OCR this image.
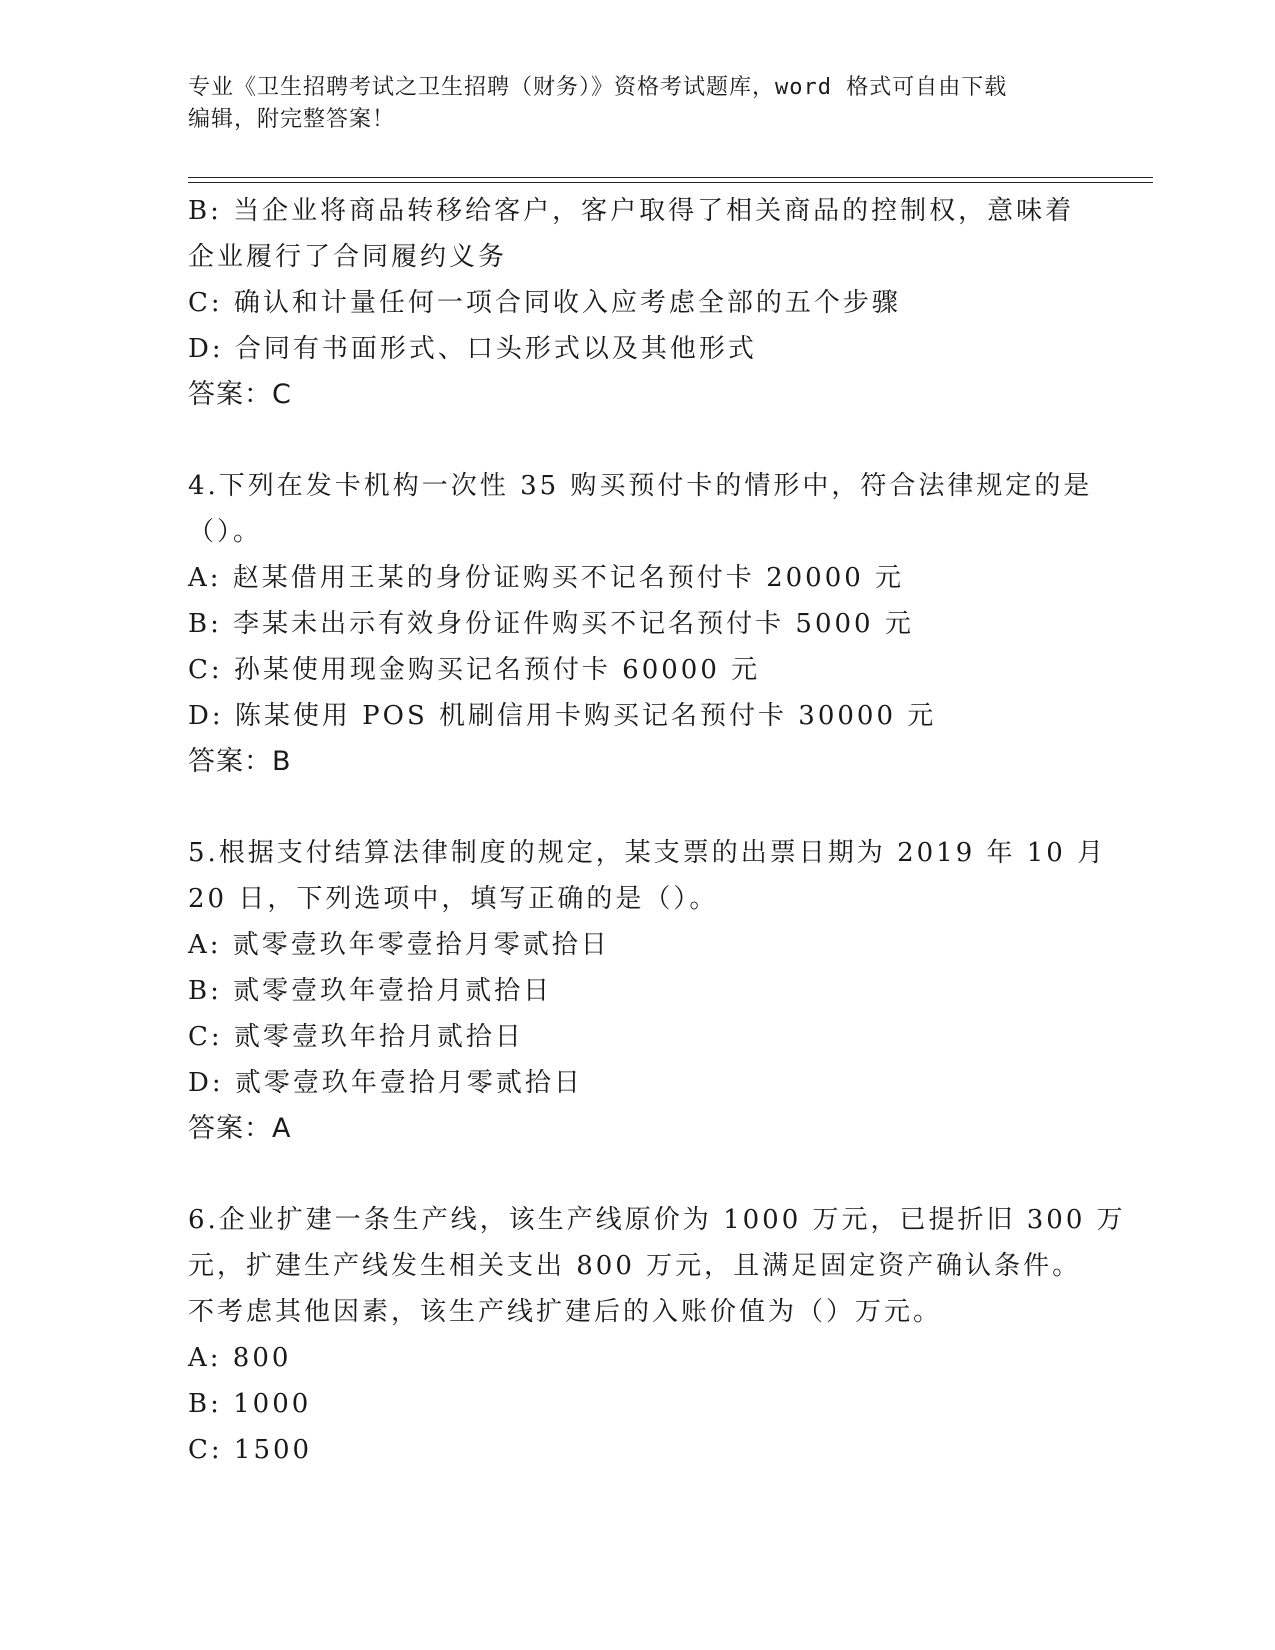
专业《卫生招聘考试之卫生招聘（财务）》资格考试题库，word 格式可自由下载
编辑，附完整答案！
B: 当企业将商品转移给客户，客户取得了相关商品的控制权，意味着
企业履行了合同履约义务
C: 确认和计量任何一项合同收入应考虑全部的五个步骤
D: 合同有书面形式、口头形式以及其他形式
答案：C
4.下列在发卡机构一次性 35 购买预付卡的情形中，符合法律规定的是
（）。
A: 赵某借用王某的身份证购买不记名预付卡 20000 元
B: 李某未出示有效身份证件购买不记名预付卡 5000 元
C: 孙某使用现金购买记名预付卡 60000 元
D: 陈某使用 POS 机刷信用卡购买记名预付卡 30000 元
答案：B
5.根据支付结算法律制度的规定，某支票的出票日期为 2019 年 10 月
20 日，下列选项中，填写正确的是（）。
A: 贰零壹玖年零壹拾月零贰拾日
B: 贰零壹玖年壹拾月贰拾日
C: 贰零壹玖年拾月贰拾日
D: 贰零壹玖年壹拾月零贰拾日
答案：A
6.企业扩建一条生产线，该生产线原价为 1000 万元，已提折旧 300 万
元，扩建生产线发生相关支出 800 万元，且满足固定资产确认条件。
不考虑其他因素，该生产线扩建后的入账价值为（）万元。
A: 800
B: 1000
C: 1500
